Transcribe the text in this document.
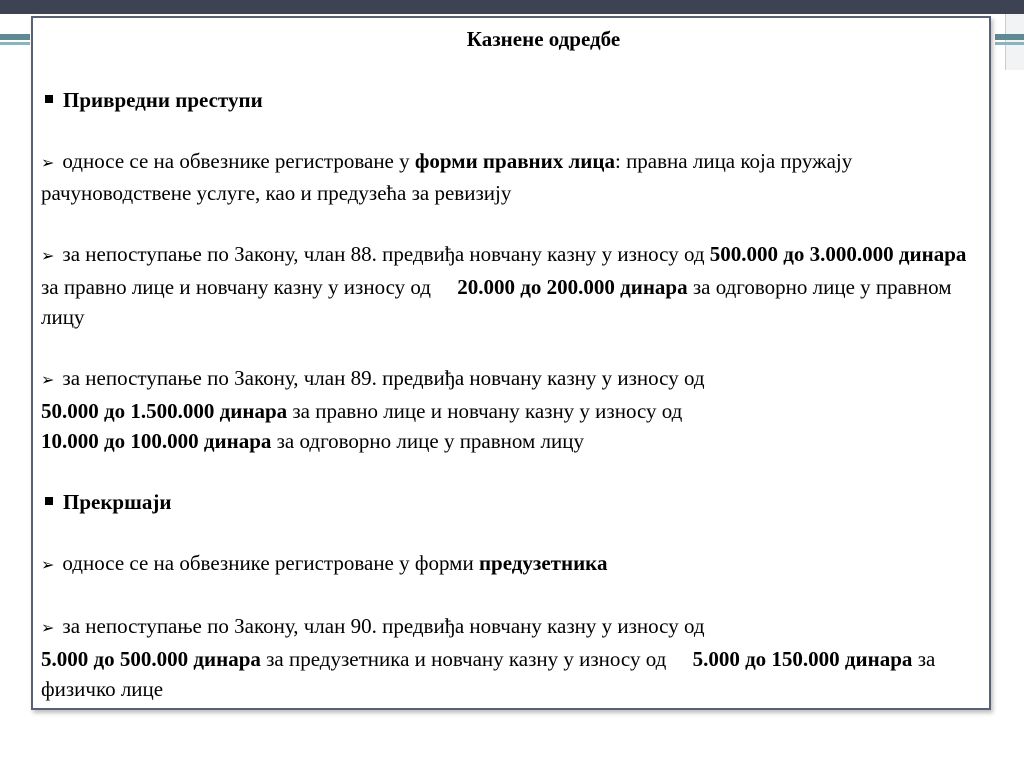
Казнене одредбе

Привредни преступи

➢ односе се на обвезнике регистроване у форми правних лица: правна лица која пружају рачуноводствене услуге, као и предузећа за ревизију

➢ за непоступање по Закону, члан 88. предвиђа новчану казну у износу од 500.000 до 3.000.000 динара за правно лице и новчану казну у износу од     20.000 до 200.000 динара за одговорно лице у правном лицу

➢ за непоступање по Закону, члан 89. предвиђа новчану казну у износу од
50.000 до 1.500.000 динара за правно лице и новчану казну у износу од
10.000 до 100.000 динара за одговорно лице у правном лицу

Прекршаји

➢ односе се на обвезнике регистроване у форми предузетника

➢ за непоступање по Закону, члан 90. предвиђа новчану казну у износу од
5.000 до 500.000 динара за предузетника и новчану казну у износу од     5.000 до 150.000 динара за физичко лице
